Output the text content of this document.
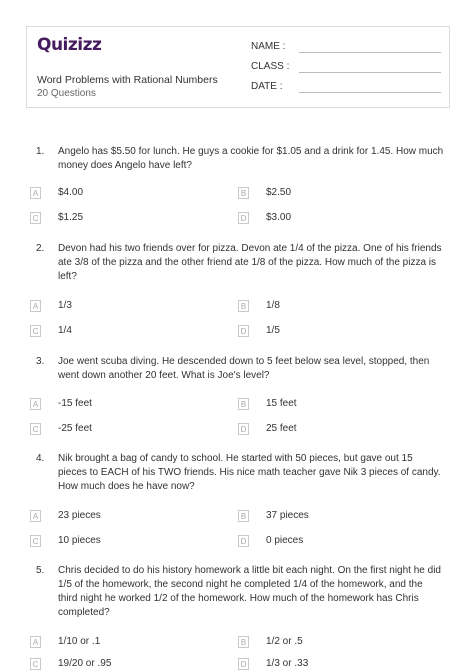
Quizizz
Word Problems with Rational Numbers
20 Questions
NAME :
CLASS :
DATE :
1. Angelo has $5.50 for lunch. He guys a cookie for $1.05 and a drink for 1.45. How much money does Angelo have left?
A $4.00	B $2.50
C $1.25	D $3.00
2. Devon had his two friends over for pizza. Devon ate 1/4 of the pizza. One of his friends ate 3/8 of the pizza and the other friend ate 1/8 of the pizza. How much of the pizza is left?
A 1/3	B 1/8
C 1/4	D 1/5
3. Joe went scuba diving. He descended down to 5 feet below sea level, stopped, then went down another 20 feet. What is Joe's level?
A -15 feet	B 15 feet
C -25 feet	D 25 feet
4. Nik brought a bag of candy to school. He started with 50 pieces, but gave out 15 pieces to EACH of his TWO friends. His nice math teacher gave Nik 3 pieces of candy. How much does he have now?
A 23 pieces	B 37 pieces
C 10 pieces	D 0 pieces
5. Chris decided to do his history homework a little bit each night. On the first night he did 1/5 of the homework, the second night he completed 1/4 of the homework, and the third night he worked 1/2 of the homework. How much of the homework has Chris completed?
A 1/10 or .1	B 1/2 or .5
C 19/20 or .95	D 1/3 or .33
